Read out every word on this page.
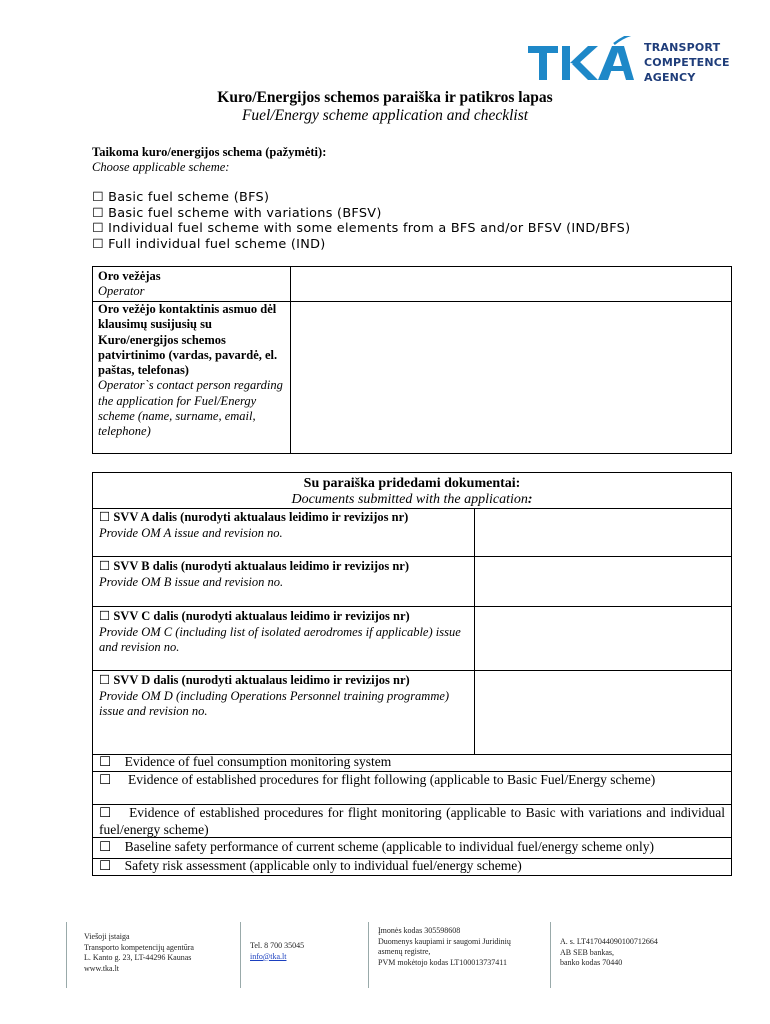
TRANSPORT
COMPETENCE
AGENCY
Kuro/Energijos schemos paraiška ir patikros lapas
Fuel/Energy scheme application and checklist
Taikoma kuro/energijos schema (pažymėti):
Choose applicable scheme:
☐ Basic fuel scheme (BFS)
☐ Basic fuel scheme with variations (BFSV)
☐ Individual fuel scheme with some elements from a BFS and/or BFSV (IND/BFS)
☐ Full individual fuel scheme (IND)
Oro vežėjas
Operator
Oro vežėjo kontaktinis asmuo dėl klausimų susijusių su Kuro/energijos schemos patvirtinimo (vardas, pavardė, el. paštas, telefonas)
Operator`s contact person regarding the application for Fuel/Energy scheme (name, surname, email, telephone)
Su paraiška pridedami dokumentai:
Documents submitted with the application:
☐ SVV A dalis (nurodyti aktualaus leidimo ir revizijos nr)
Provide OM A issue and revision no.
☐ SVV B dalis (nurodyti aktualaus leidimo ir revizijos nr)
Provide OM B issue and revision no.
☐ SVV C dalis (nurodyti aktualaus leidimo ir revizijos nr)
Provide OM C (including list of isolated aerodromes if applicable) issue and revision no.
☐ SVV D dalis (nurodyti aktualaus leidimo ir revizijos nr)
Provide OM D (including Operations Personnel training programme) issue and revision no.
☐ Evidence of fuel consumption monitoring system
☐ Evidence of established procedures for flight following (applicable to Basic Fuel/Energy scheme)
☐ Evidence of established procedures for flight monitoring (applicable to Basic with variations and individual fuel/energy scheme)
☐ Baseline safety performance of current scheme (applicable to individual fuel/energy scheme only)
☐ Safety risk assessment (applicable only to individual fuel/energy scheme)
Viešoji įstaiga
Transporto kompetencijų agentūra
L. Kanto g. 23, LT-44296 Kaunas
www.tka.lt
Tel. 8 700 35045
info@tka.lt
Įmonės kodas 305598608
Duomenys kaupiami ir saugomi Juridinių
asmenų registre,
PVM mokėtojo kodas LT100013737411
A. s. LT417044090100712664
AB SEB bankas,
banko kodas 70440
